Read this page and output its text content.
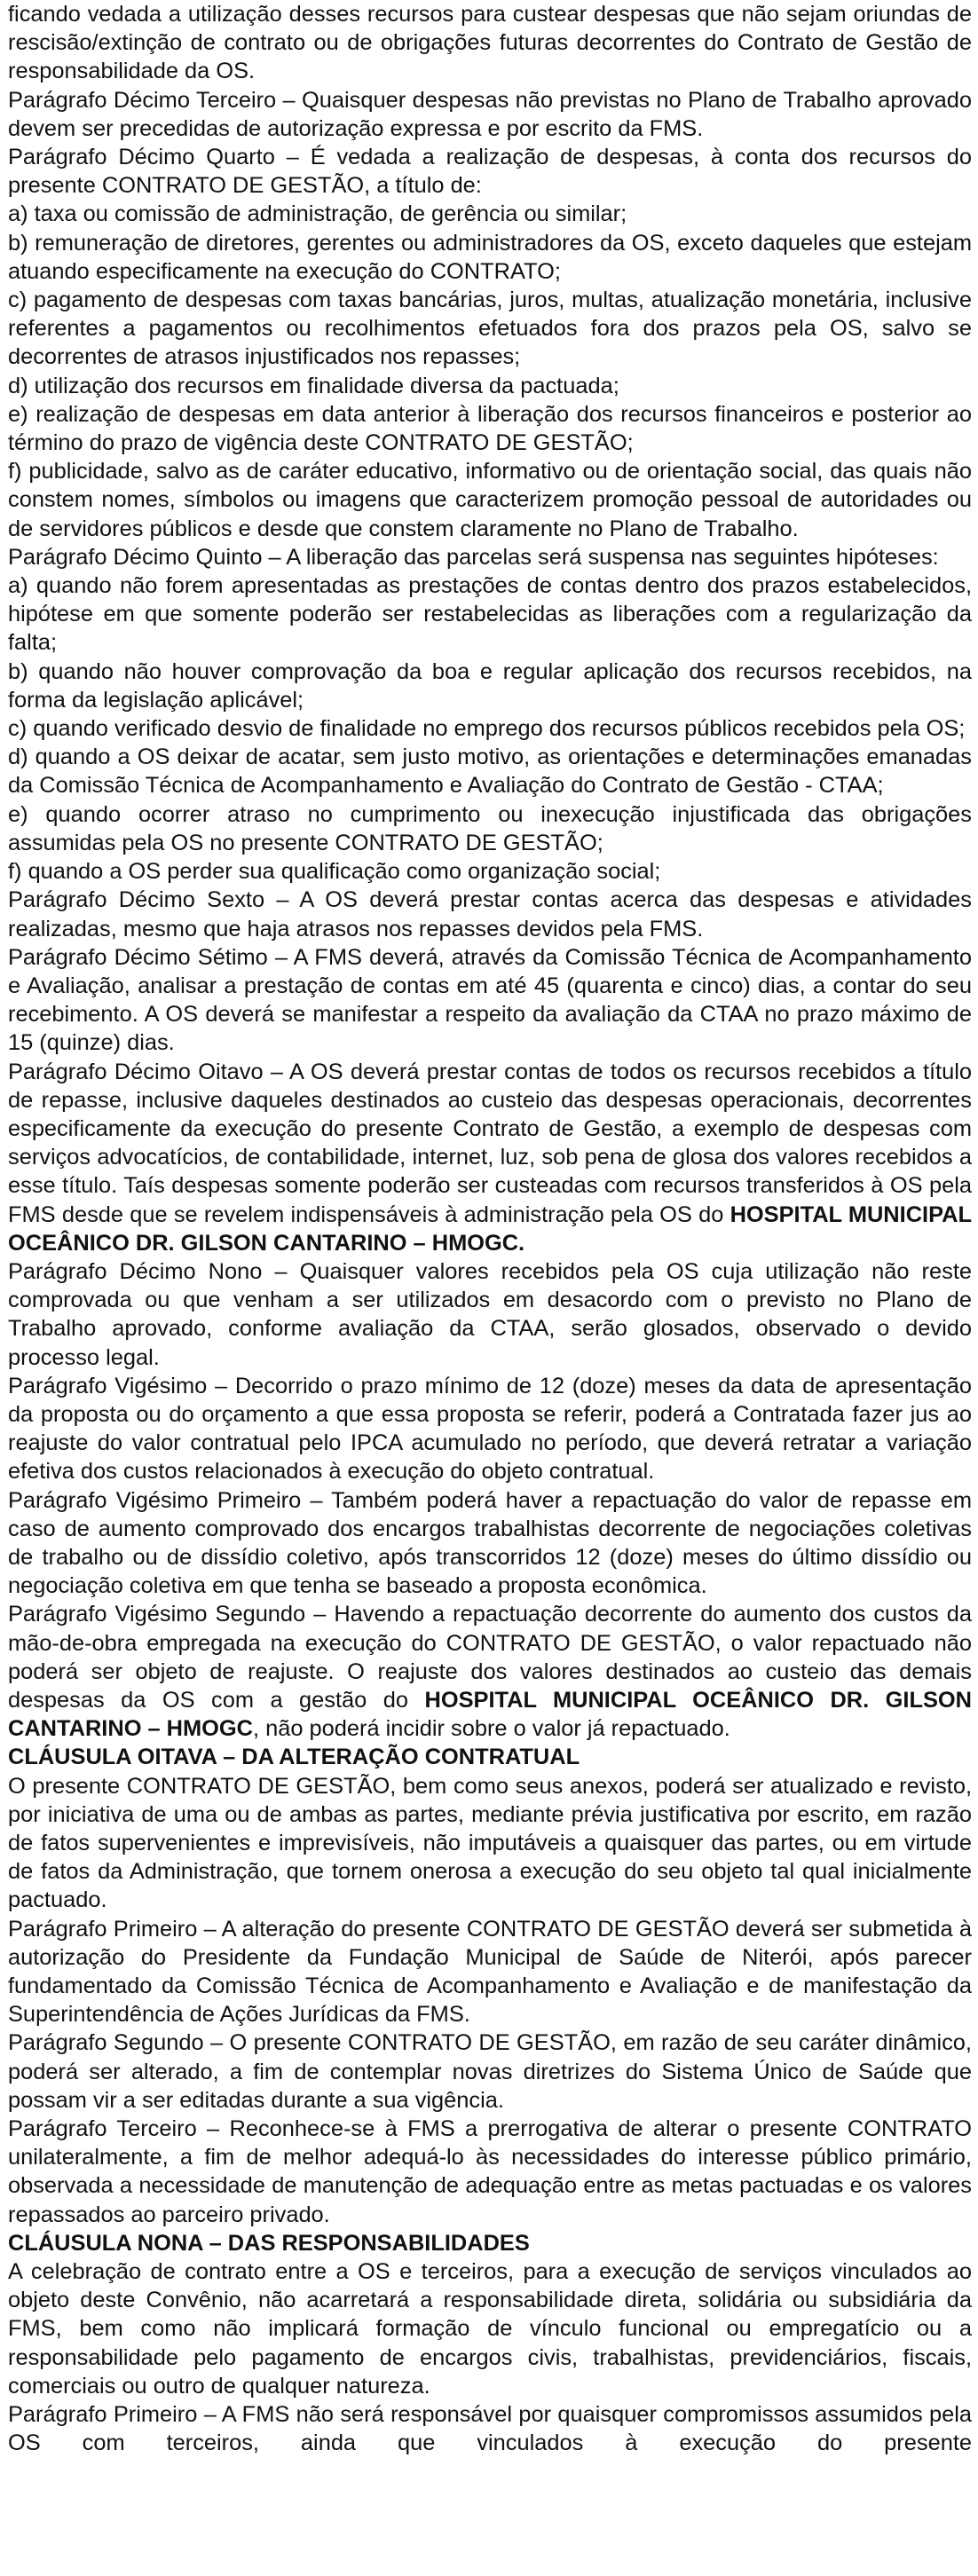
ficando vedada a utilização desses recursos para custear despesas que não sejam oriundas de rescisão/extinção de contrato ou de obrigações futuras decorrentes do Contrato de Gestão de responsabilidade da OS.

Parágrafo Décimo Terceiro – Quaisquer despesas não previstas no Plano de Trabalho aprovado devem ser precedidas de autorização expressa e por escrito da FMS.

Parágrafo Décimo Quarto – É vedada a realização de despesas, à conta dos recursos do presente CONTRATO DE GESTÃO, a título de:

a) taxa ou comissão de administração, de gerência ou similar;

b) remuneração de diretores, gerentes ou administradores da OS, exceto daqueles que estejam atuando especificamente na execução do CONTRATO;

c) pagamento de despesas com taxas bancárias, juros, multas, atualização monetária, inclusive referentes a pagamentos ou recolhimentos efetuados fora dos prazos pela OS, salvo se decorrentes de atrasos injustificados nos repasses;

d) utilização dos recursos em finalidade diversa da pactuada;

e) realização de despesas em data anterior à liberação dos recursos financeiros e posterior ao término do prazo de vigência deste CONTRATO DE GESTÃO;

f) publicidade, salvo as de caráter educativo, informativo ou de orientação social, das quais não constem nomes, símbolos ou imagens que caracterizem promoção pessoal de autoridades ou de servidores públicos e desde que constem claramente no Plano de Trabalho.

Parágrafo Décimo Quinto – A liberação das parcelas será suspensa nas seguintes hipóteses:

a) quando não forem apresentadas as prestações de contas dentro dos prazos estabelecidos, hipótese em que somente poderão ser restabelecidas as liberações com a regularização da falta;

b) quando não houver comprovação da boa e regular aplicação dos recursos recebidos, na forma da legislação aplicável;

c) quando verificado desvio de finalidade no emprego dos recursos públicos recebidos pela OS;

d) quando a OS deixar de acatar, sem justo motivo, as orientações e determinações emanadas da Comissão Técnica de Acompanhamento e Avaliação do Contrato de Gestão - CTAA;

e) quando ocorrer atraso no cumprimento ou inexecução injustificada das obrigações assumidas pela OS no presente CONTRATO DE GESTÃO;

f) quando a OS perder sua qualificação como organização social;

Parágrafo Décimo Sexto – A OS deverá prestar contas acerca das despesas e atividades realizadas, mesmo que haja atrasos nos repasses devidos pela FMS.

Parágrafo Décimo Sétimo – A FMS deverá, através da Comissão Técnica de Acompanhamento e Avaliação, analisar a prestação de contas em até 45 (quarenta e cinco) dias, a contar do seu recebimento. A OS deverá se manifestar a respeito da avaliação da CTAA no prazo máximo de 15 (quinze) dias.

Parágrafo Décimo Oitavo – A OS deverá prestar contas de todos os recursos recebidos a título de repasse, inclusive daqueles destinados ao custeio das despesas operacionais, decorrentes especificamente da execução do presente Contrato de Gestão, a exemplo de despesas com serviços advocatícios, de contabilidade, internet, luz, sob pena de glosa dos valores recebidos a esse título. Taís despesas somente poderão ser custeadas com recursos transferidos à OS pela FMS desde que se revelem indispensáveis à administração pela OS do HOSPITAL MUNICIPAL OCEÂNICO DR. GILSON CANTARINO – HMOGC.

Parágrafo Décimo Nono – Quaisquer valores recebidos pela OS cuja utilização não reste comprovada ou que venham a ser utilizados em desacordo com o previsto no Plano de Trabalho aprovado, conforme avaliação da CTAA, serão glosados, observado o devido processo legal.

Parágrafo Vigésimo – Decorrido o prazo mínimo de 12 (doze) meses da data de apresentação da proposta ou do orçamento a que essa proposta se referir, poderá a Contratada fazer jus ao reajuste do valor contratual pelo IPCA acumulado no período, que deverá retratar a variação efetiva dos custos relacionados à execução do objeto contratual.

Parágrafo Vigésimo Primeiro – Também poderá haver a repactuação do valor de repasse em caso de aumento comprovado dos encargos trabalhistas decorrente de negociações coletivas de trabalho ou de dissídio coletivo, após transcorridos 12 (doze) meses do último dissídio ou negociação coletiva em que tenha se baseado a proposta econômica.

Parágrafo Vigésimo Segundo – Havendo a repactuação decorrente do aumento dos custos da mão-de-obra empregada na execução do CONTRATO DE GESTÃO, o valor repactuado não poderá ser objeto de reajuste. O reajuste dos valores destinados ao custeio das demais despesas da OS com a gestão do HOSPITAL MUNICIPAL OCEÂNICO DR. GILSON CANTARINO – HMOGC, não poderá incidir sobre o valor já repactuado.

CLÁUSULA OITAVA – DA ALTERAÇÃO CONTRATUAL

O presente CONTRATO DE GESTÃO, bem como seus anexos, poderá ser atualizado e revisto, por iniciativa de uma ou de ambas as partes, mediante prévia justificativa por escrito, em razão de fatos supervenientes e imprevisíveis, não imputáveis a quaisquer das partes, ou em virtude de fatos da Administração, que tornem onerosa a execução do seu objeto tal qual inicialmente pactuado.

Parágrafo Primeiro – A alteração do presente CONTRATO DE GESTÃO deverá ser submetida à autorização do Presidente da Fundação Municipal de Saúde de Niterói, após parecer fundamentado da Comissão Técnica de Acompanhamento e Avaliação e de manifestação da Superintendência de Ações Jurídicas da FMS.

Parágrafo Segundo – O presente CONTRATO DE GESTÃO, em razão de seu caráter dinâmico, poderá ser alterado, a fim de contemplar novas diretrizes do Sistema Único de Saúde que possam vir a ser editadas durante a sua vigência.

Parágrafo Terceiro – Reconhece-se à FMS a prerrogativa de alterar o presente CONTRATO unilateralmente, a fim de melhor adequá-lo às necessidades do interesse público primário, observada a necessidade de manutenção de adequação entre as metas pactuadas e os valores repassados ao parceiro privado.

CLÁUSULA NONA – DAS RESPONSABILIDADES

A celebração de contrato entre a OS e terceiros, para a execução de serviços vinculados ao objeto deste Convênio, não acarretará a responsabilidade direta, solidária ou subsidiária da FMS, bem como não implicará formação de vínculo funcional ou empregatício ou a responsabilidade pelo pagamento de encargos civis, trabalhistas, previdenciários, fiscais, comerciais ou outro de qualquer natureza.

Parágrafo Primeiro – A FMS não será responsável por quaisquer compromissos assumidos pela OS com terceiros, ainda que vinculados à execução do presente
